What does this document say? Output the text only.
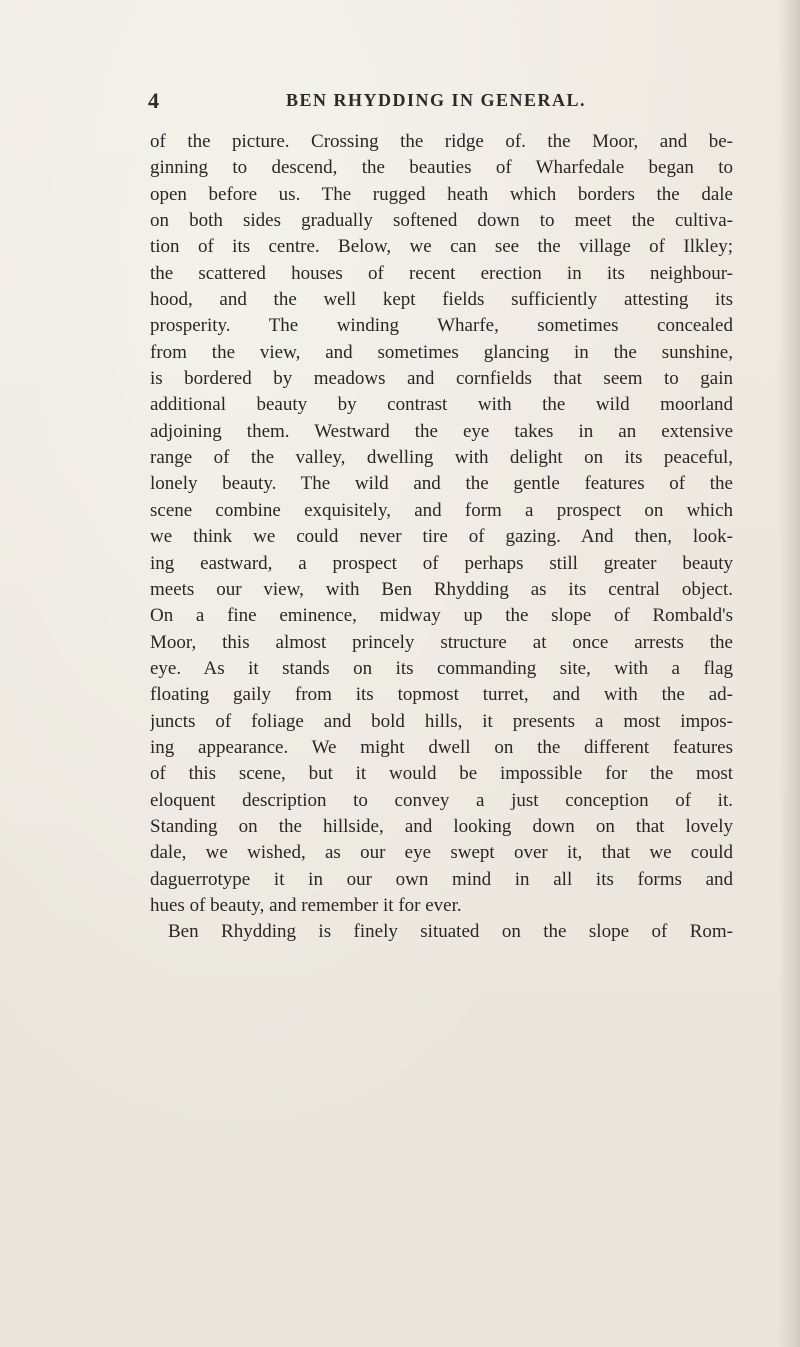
4	BEN RHYDDING IN GENERAL.
of the picture. Crossing the ridge of. the Moor, and be-
ginning to descend, the beauties of Wharfedale began to
open before us. The rugged heath which borders the dale
on both sides gradually softened down to meet the cultiva-
tion of its centre. Below, we can see the village of Ilkley;
the scattered houses of recent erection in its neighbour-
hood, and the well kept fields sufficiently attesting its
prosperity. The winding Wharfe, sometimes concealed
from the view, and sometimes glancing in the sunshine,
is bordered by meadows and cornfields that seem to gain
additional beauty by contrast with the wild moorland
adjoining them. Westward the eye takes in an extensive
range of the valley, dwelling with delight on its peaceful,
lonely beauty. The wild and the gentle features of the
scene combine exquisitely, and form a prospect on which
we think we could never tire of gazing. And then, look-
ing eastward, a prospect of perhaps still greater beauty
meets our view, with Ben Rhydding as its central object.
On a fine eminence, midway up the slope of Rombald's
Moor, this almost princely structure at once arrests the
eye. As it stands on its commanding site, with a flag
floating gaily from its topmost turret, and with the ad-
juncts of foliage and bold hills, it presents a most impos-
ing appearance. We might dwell on the different features
of this scene, but it would be impossible for the most
eloquent description to convey a just conception of it.
Standing on the hillside, and looking down on that lovely
dale, we wished, as our eye swept over it, that we could
daguerrotype it in our own mind in all its forms and
hues of beauty, and remember it for ever.
Ben Rhydding is finely situated on the slope of Rom-
